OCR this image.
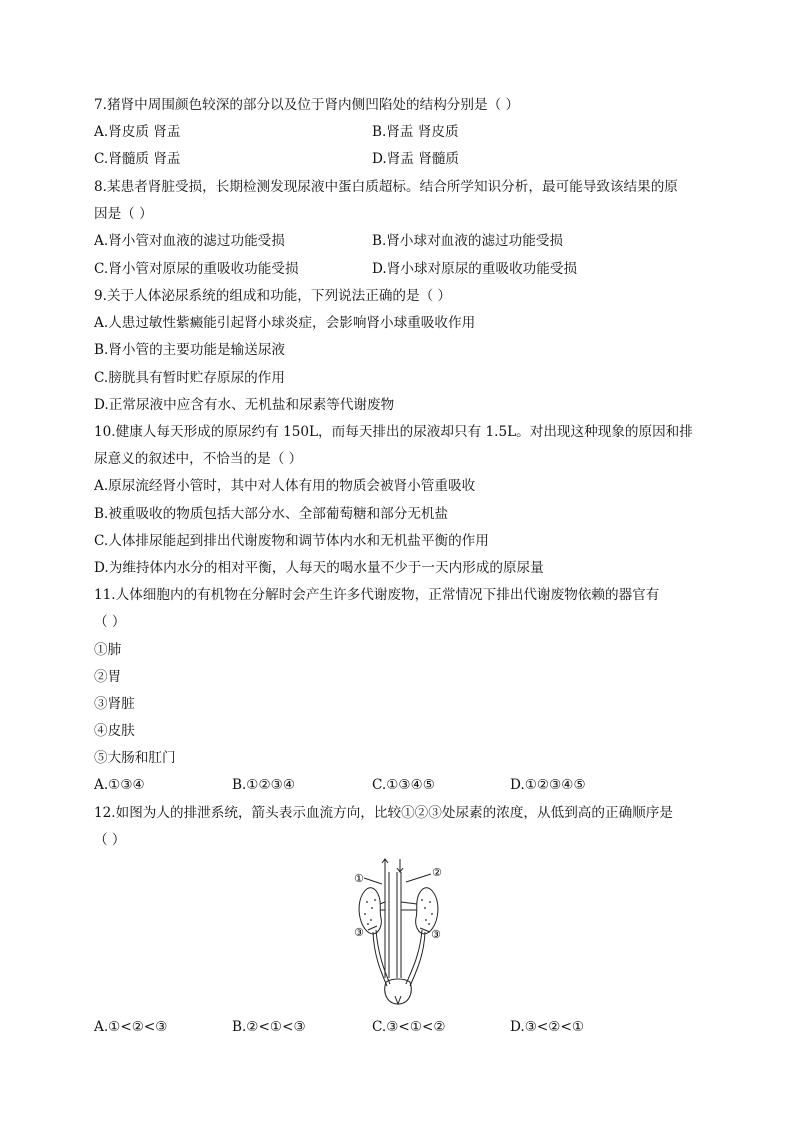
7.猪肾中周围颜色较深的部分以及位于肾内侧凹陷处的结构分别是（ ）
A.肾皮质 肾盂	B.肾盂 肾皮质
C.肾髓质 肾盂	D.肾盂 肾髓质
8.某患者肾脏受损，长期检测发现尿液中蛋白质超标。结合所学知识分析，最可能导致该结果的原
因是（ ）
A.肾小管对血液的滤过功能受损	B.肾小球对血液的滤过功能受损
C.肾小管对原尿的重吸收功能受损	D.肾小球对原尿的重吸收功能受损
9.关于人体泌尿系统的组成和功能，下列说法正确的是（ ）
A.人患过敏性紫癜能引起肾小球炎症，会影响肾小球重吸收作用
B.肾小管的主要功能是输送尿液
C.膀胱具有暂时贮存原尿的作用
D.正常尿液中应含有水、无机盐和尿素等代谢废物
10.健康人每天形成的原尿约有 150L，而每天排出的尿液却只有 1.5L。对出现这种现象的原因和排
尿意义的叙述中，不恰当的是（ ）
A.原尿流经肾小管时，其中对人体有用的物质会被肾小管重吸收
B.被重吸收的物质包括大部分水、全部葡萄糖和部分无机盐
C.人体排尿能起到排出代谢废物和调节体内水和无机盐平衡的作用
D.为维持体内水分的相对平衡，人每天的喝水量不少于一天内形成的原尿量
11.人体细胞内的有机物在分解时会产生许多代谢废物，正常情况下排出代谢废物依赖的器官有
（ ）
①肺
②胃
③肾脏
④皮肤
⑤大肠和肛门
A.①③④	B.①②③④	C.①③④⑤	D.①②③④⑤
12.如图为人的排泄系统，箭头表示血流方向，比较①②③处尿素的浓度，从低到高的正确顺序是
（ ）
①	②
③	③
A.①<②<③	B.②<①<③	C.③<①<②	D.③<②<①
